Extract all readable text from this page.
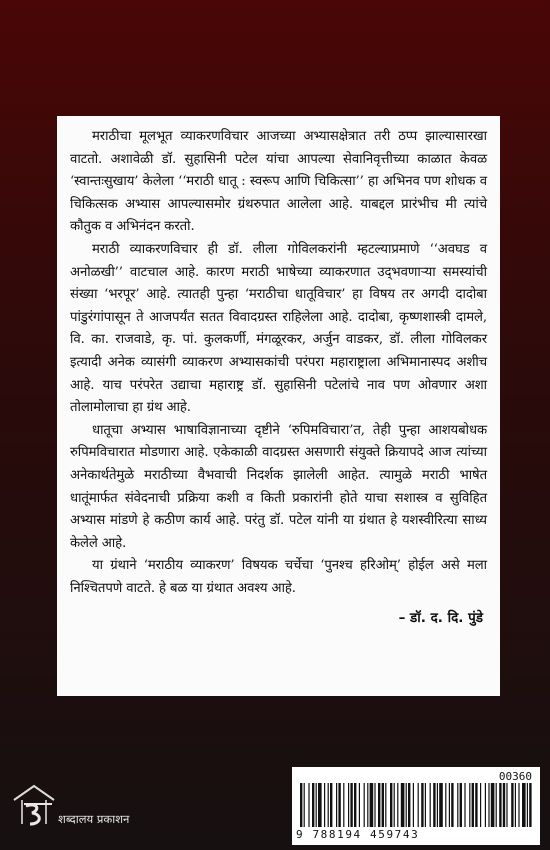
मराठीचा मूलभूत व्याकरणविचार आजच्या अभ्यासक्षेत्रात तरी ठप्प झाल्यासारखा वाटतो. अशावेळी डॉ. सुहासिनी पटेल यांचा आपल्या सेवानिवृत्तीच्या काळात केवळ ‘स्वान्तःसुखाय’ केलेला ‘‘मराठी धातू : स्वरूप आणि चिकित्सा’’ हा अभिनव पण शोधक व चिकित्सक अभ्यास आपल्यासमोर ग्रंथरुपात आलेला आहे. याबद्दल प्रारंभीच मी त्यांचे कौतुक व अभिनंदन करतो.

मराठी व्याकरणविचार ही डॉ. लीला गोविलकरांनी म्हटल्याप्रमाणे ‘‘अवघड व अनोळखी’’ वाटचाल आहे. कारण मराठी भाषेच्या व्याकरणात उद्‌भवणाऱ्या समस्यांची संख्या ‘भरपूर’ आहे. त्यातही पुन्हा ‘मराठीचा धातूविचार’ हा विषय तर अगदी दादोबा पांडुरंगांपासून ते आजपर्यंत सतत विवादग्रस्त राहिलेला आहे. दादोबा, कृष्णशास्त्री दामले, वि. का. राजवाडे, कृ. पां. कुलकर्णी, मंगळूरकर, अर्जुन वाडकर, डॉ. लीला गोविलकर इत्यादी अनेक व्यासंगी व्याकरण अभ्यासकांची परंपरा महाराष्ट्राला अभिमानास्पद अशीच आहे. याच परंपरेत उद्याचा महाराष्ट्र डॉ. सुहासिनी पटेलांचे नाव पण ओवणार अशा तोलामोलाचा हा ग्रंथ आहे.

धातूचा अभ्यास भाषाविज्ञानाच्या दृष्टीने ‘रुपिमविचारा’त, तेही पुन्हा आशयबोधक रुपिमविचारात मोडणारा आहे. एकेकाळी वादग्रस्त असणारी संयुक्ते क्रियापदे आज त्यांच्या अनेकार्थतेमुळे मराठीच्या वैभवाची निदर्शक झालेली आहेत. त्यामुळे मराठी भाषेत धातूंमार्फत संवेदनाची प्रक्रिया कशी व किती प्रकारांनी होते याचा सशास्त्र व सुविहित अभ्यास मांडणे हे कठीण कार्य आहे. परंतु डॉ. पटेल यांनी या ग्रंथात हे यशस्वीरित्या साध्य केलेले आहे.

या ग्रंथाने ‘मराठीय व्याकरण’ विषयक चर्चेचा ‘पुनश्च हरिओम्’ होईल असे मला निश्चितपणे वाटते. हे बळ या ग्रंथात अवश्य आहे.

– डॉ. द. दि. पुंडे
शब्दालय प्रकाशन
00360
9 788194 459743
